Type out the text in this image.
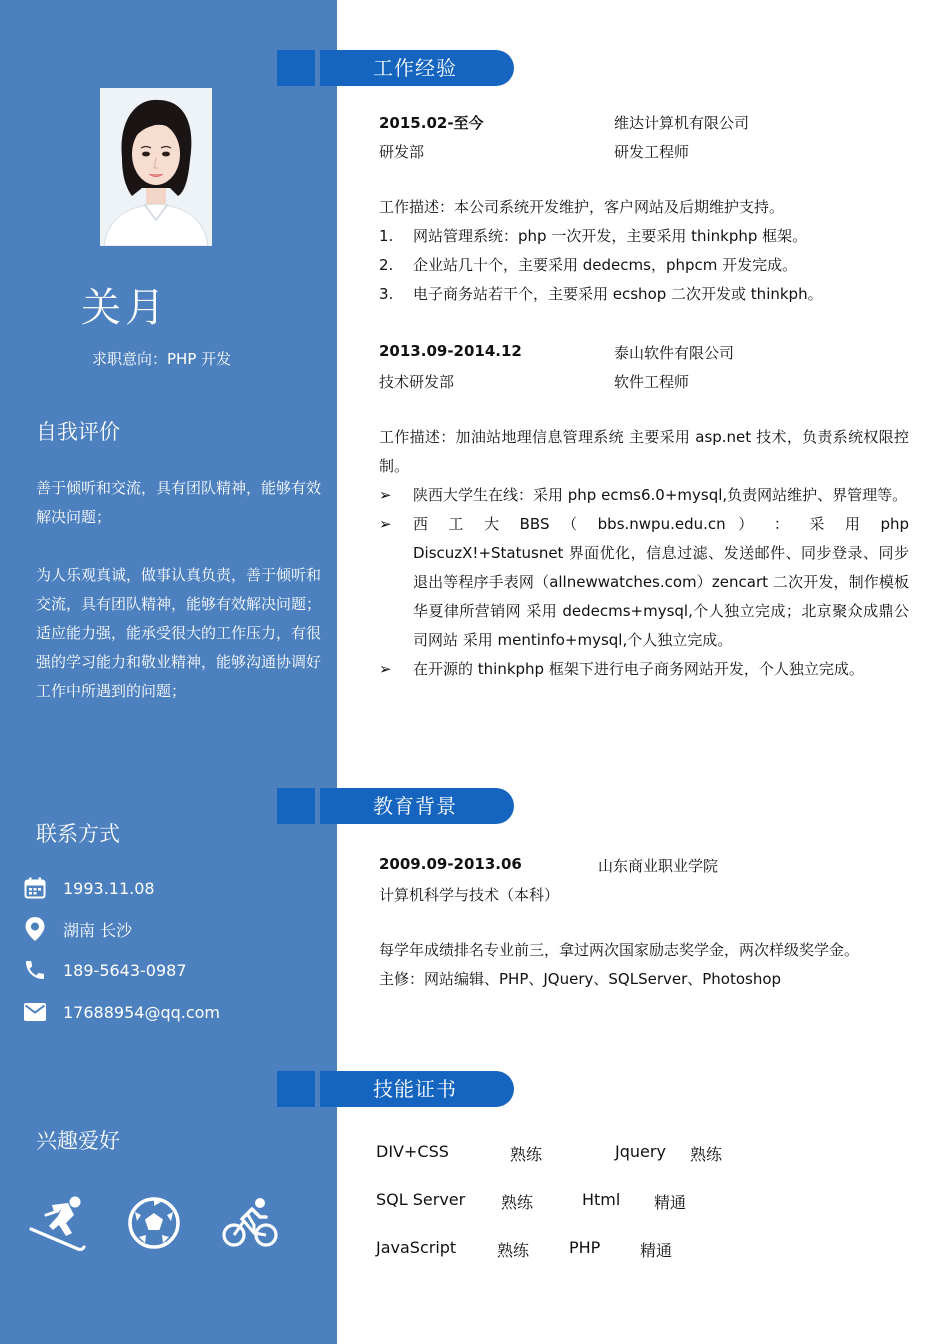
关月
求职意向：PHP 开发
自我评价

善于倾听和交流，具有团队精神，能够有效解决问题；

为人乐观真诚，做事认真负责，善于倾听和交流，具有团队精神，能够有效解决问题；

适应能力强，能承受很大的工作压力，有很强的学习能力和敬业精神，能够沟通协调好工作中所遇到的问题；

联系方式
1993.11.08
湖南 长沙
189-5643-0987
17688954@qq.com
兴趣爱好
工作经验
2015.02-至今	维达计算机有限公司
研发部	研发工程师
工作描述：本公司系统开发维护，客户网站及后期维护支持。
1.	网站管理系统：php 一次开发，主要采用 thinkphp 框架。
2.	企业站几十个，主要采用 dedecms，phpcm 开发完成。
3.	电子商务站若干个，主要采用 ecshop 二次开发或 thinkph。
2013.09-2014.12	泰山软件有限公司
技术研发部	软件工程师
工作描述：加油站地理信息管理系统 主要采用 asp.net 技术，负责系统权限控制。
➢	陕西大学生在线：采用 php ecms6.0+mysql,负责网站维护、界管理等。
➢	西 工 大 BBS （ bbs.nwpu.edu.cn ） ： 采 用 php DiscuzX!+Statusnet 界面优化，信息过滤、发送邮件、同步登录、同步退出等程序手表网（allnewwatches.com）zencart 二次开发，制作模板华夏律所营销网 采用 dedecms+mysql,个人独立完成；北京聚众成鼎公司网站 采用 mentinfo+mysql,个人独立完成。
➢	在开源的 thinkphp 框架下进行电子商务网站开发，个人独立完成。
教育背景
2009.09-2013.06	山东商业职业学院
计算机科学与技术（本科）
每学年成绩排名专业前三，拿过两次国家励志奖学金，两次样级奖学金。
主修：网站编辑、PHP、JQuery、SQLServer、Photoshop
技能证书
DIV+CSS	熟练	Jquery 熟练
SQL Server 熟练	Html 精通
JavaScript	熟练 PHP 精通
